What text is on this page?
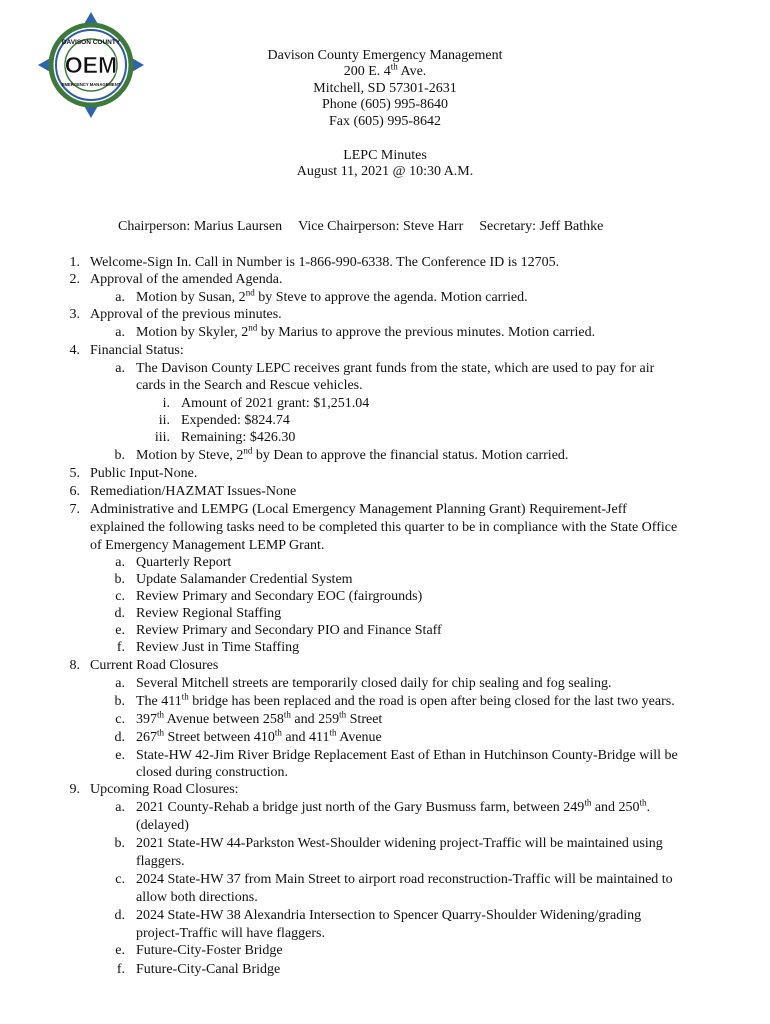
DAVISON COUNTY
OEM
EMERGENCY MANAGEMENT
Davison County Emergency Management
200 E. 4th Ave.
Mitchell, SD 57301-2631
Phone (605) 995-8640
Fax (605) 995-8642
LEPC Minutes
August 11, 2021 @ 10:30 A.M.
Chairperson: Marius Laursen Vice Chairperson: Steve Harr Secretary: Jeff Bathke
1. Welcome-Sign In. Call in Number is 1-866-990-6338. The Conference ID is 12705.
2. Approval of the amended Agenda.
a. Motion by Susan, 2nd by Steve to approve the agenda. Motion carried.
3. Approval of the previous minutes.
a. Motion by Skyler, 2nd by Marius to approve the previous minutes. Motion carried.
4. Financial Status:
a. The Davison County LEPC receives grant funds from the state, which are used to pay for air
cards in the Search and Rescue vehicles.
i. Amount of 2021 grant: $1,251.04
ii. Expended: $824.74
iii. Remaining: $426.30
b. Motion by Steve, 2nd by Dean to approve the financial status. Motion carried.
5. Public Input-None.
6. Remediation/HAZMAT Issues-None
7. Administrative and LEMPG (Local Emergency Management Planning Grant) Requirement-Jeff
explained the following tasks need to be completed this quarter to be in compliance with the State Office
of Emergency Management LEMP Grant.
a. Quarterly Report
b. Update Salamander Credential System
c. Review Primary and Secondary EOC (fairgrounds)
d. Review Regional Staffing
e. Review Primary and Secondary PIO and Finance Staff
f. Review Just in Time Staffing
8. Current Road Closures
a. Several Mitchell streets are temporarily closed daily for chip sealing and fog sealing.
b. The 411th bridge has been replaced and the road is open after being closed for the last two years.
c. 397th Avenue between 258th and 259th Street
d. 267th Street between 410th and 411th Avenue
e. State-HW 42-Jim River Bridge Replacement East of Ethan in Hutchinson County-Bridge will be
closed during construction.
9. Upcoming Road Closures:
a. 2021 County-Rehab a bridge just north of the Gary Busmuss farm, between 249th and 250th.
(delayed)
b. 2021 State-HW 44-Parkston West-Shoulder widening project-Traffic will be maintained using
flaggers.
c. 2024 State-HW 37 from Main Street to airport road reconstruction-Traffic will be maintained to
allow both directions.
d. 2024 State-HW 38 Alexandria Intersection to Spencer Quarry-Shoulder Widening/grading
project-Traffic will have flaggers.
e. Future-City-Foster Bridge
f. Future-City-Canal Bridge
